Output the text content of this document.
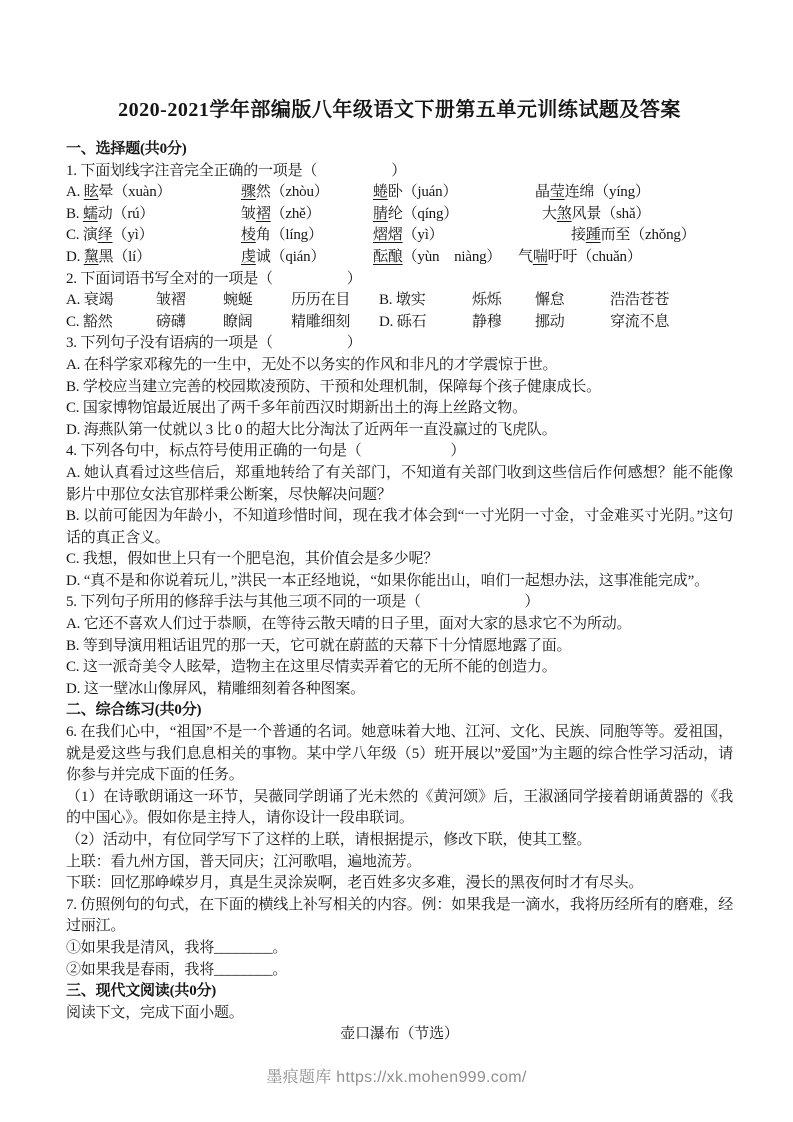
2020-2021学年部编版八年级语文下册第五单元训练试题及答案

一、选择题(共0分)

1. 下面划线字注音完全正确的一项是（　　　　　）

A. 眩晕（xuàn）	骤然（zhòu）	蜷卧（juán）	晶莹连绵（yíng）
B. 蠕动（rú）	皱褶（zhě）	腈纶（qíng）	大煞风景（shǎ）
C. 演绎（yì）	棱角（líng）	熠熠（yì）	接踵而至（zhǒng）
D. 黧黑（lí）	虔诚（qián）	酝酿（yùn　niàng）	气喘吁吁（chuǎn）

2. 下面词语书写全对的一项是（　　　　　）

A. 衰竭	皱褶	蜿蜒	历历在目	B. 墩实	烁烁	懈怠	浩浩苍苍
C. 豁然	磅礴	瞭阔	精雕细刻	D. 砾石	静穆	挪动	穿流不息

3. 下列句子没有语病的一项是（　　　　　）

A. 在科学家邓稼先的一生中，无处不以务实的作风和非凡的才学震惊于世。

B. 学校应当建立完善的校园欺凌预防、干预和处理机制，保障每个孩子健康成长。

C. 国家博物馆最近展出了两千多年前西汉时期新出土的海上丝路文物。

D. 海燕队第一仗就以 3 比 0 的超大比分淘汰了近两年一直没赢过的飞虎队。

4. 下列各句中，标点符号使用正确的一句是（　　　　　　）

A. 她认真看过这些信后，郑重地转给了有关部门，不知道有关部门收到这些信后作何感想？能不能像影片中那位女法官那样秉公断案，尽快解决问题？

B. 以前可能因为年龄小，不知道珍惜时间，现在我才体会到“一寸光阴一寸金，寸金难买寸光阴。”这句话的真正含义。

C. 我想，假如世上只有一个肥皂泡，其价值会是多少呢？

D. “真不是和你说着玩儿，”洪民一本正经地说，“如果你能出山，咱们一起想办法，这事准能完成”。

5. 下列句子所用的修辞手法与其他三项不同的一项是（　　　　　　　）

A. 它还不喜欢人们过于恭顺，在等待云散天晴的日子里，面对大家的恳求它不为所动。

B. 等到导演用粗话诅咒的那一天，它可就在蔚蓝的天幕下十分情愿地露了面。

C. 这一派奇美令人眩晕，造物主在这里尽情卖弄着它的无所不能的创造力。

D. 这一壁冰山像屏风，精雕细刻着各种图案。

二、综合练习(共0分)

6. 在我们心中，“祖国”不是一个普通的名词。她意味着大地、江河、文化、民族、同胞等等。爱祖国，就是爱这些与我们息息相关的事物。某中学八年级（5）班开展以”爱国”为主题的综合性学习活动，请你参与并完成下面的任务。

（1）在诗歌朗诵这一环节，吴薇同学朗诵了光未然的《黄河颂》后，王淑涵同学接着朗诵黄器的《我的中国心》。假如你是主持人，请你设计一段串联词。

（2）活动中，有位同学写下了这样的上联，请根据提示，修改下联，使其工整。

上联：看九州方国，普天同庆；江河歌唱，遍地流芳。

下联：回忆那峥嵘岁月，真是生灵涂炭啊，老百姓多灾多难，漫长的黑夜何时才有尽头。

7. 仿照例句的句式，在下面的横线上补写相关的内容。例：如果我是一滴水，我将历经所有的磨难，经过丽江。

①如果我是清风，我将________。

②如果我是春雨，我将________。

三、现代文阅读(共0分)

阅读下文，完成下面小题。

壶口瀑布（节选）

墨痕题库 https://xk.mohen999.com/
